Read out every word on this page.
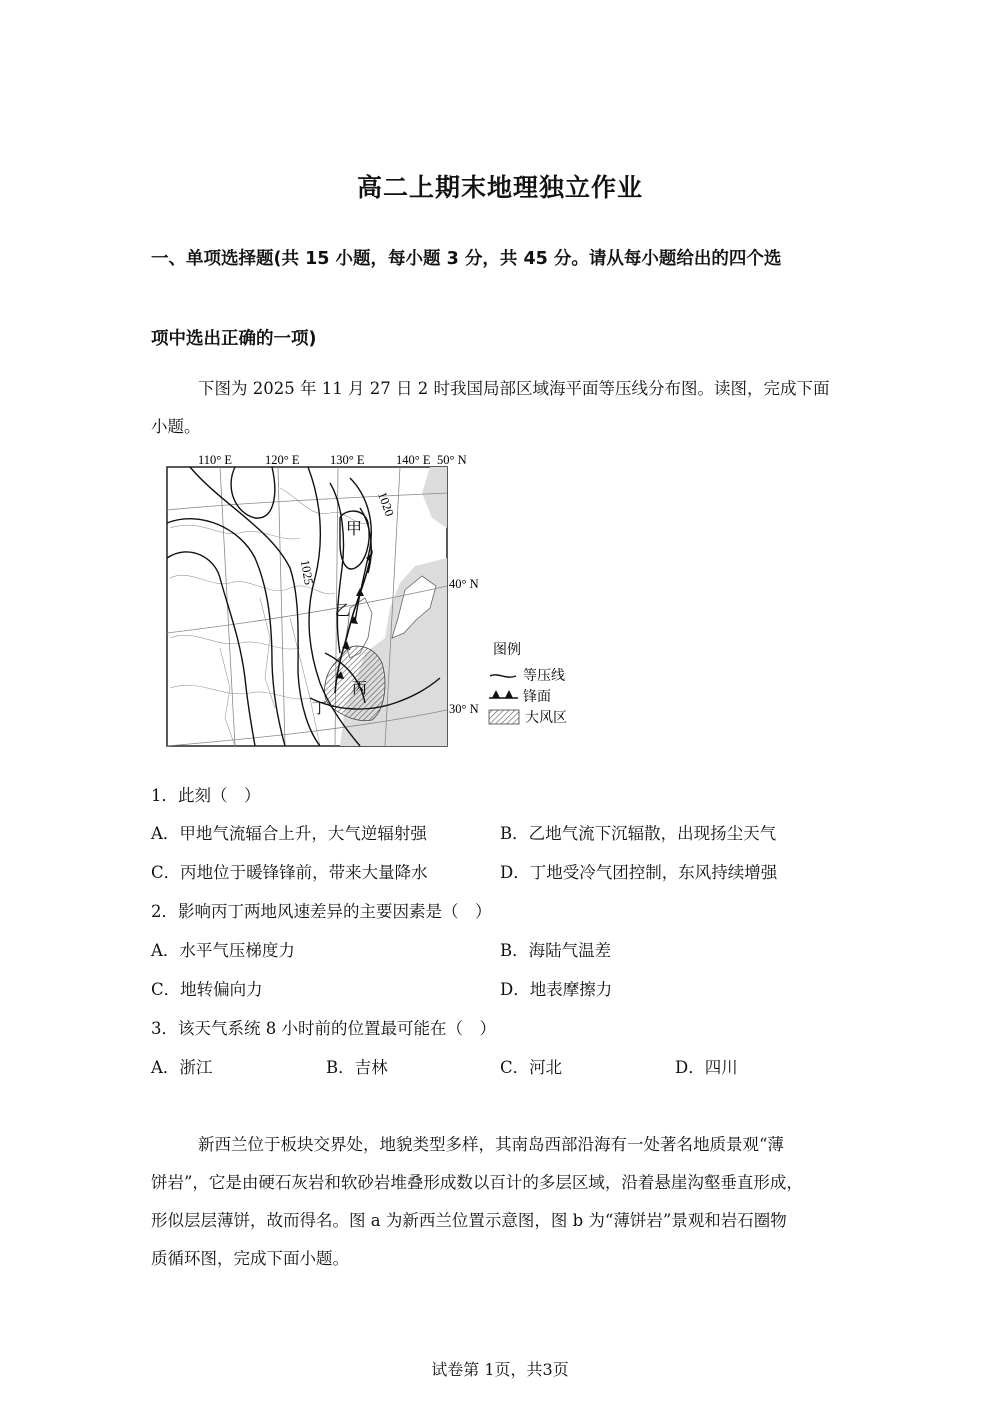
高二上期末地理独立作业
一、单项选择题(共 15 小题，每小题 3 分，共 45 分。请从每小题给出的四个选
项中选出正确的一项)
下图为 2025 年 11 月 27 日 2 时我国局部区域海平面等压线分布图。读图，完成下面
小题。
110° E	120° E 130° E	140° E 50° N
40° N
30° N
1020
1025
甲
乙
丙
丁
图例
等压线
锋面
大风区
1．此刻（　）
A．甲地气流辐合上升，大气逆辐射强	B．乙地气流下沉辐散，出现扬尘天气
C．丙地位于暖锋锋前，带来大量降水	D．丁地受冷气团控制，东风持续增强
2．影响丙丁两地风速差异的主要因素是（　）
A．水平气压梯度力	B．海陆气温差
C．地转偏向力	D．地表摩擦力
3．该天气系统 8 小时前的位置最可能在（　）
A．浙江	B．吉林	C．河北	D．四川
新西兰位于板块交界处，地貌类型多样，其南岛西部沿海有一处著名地质景观“薄
饼岩”，它是由硬石灰岩和软砂岩堆叠形成数以百计的多层区域，沿着悬崖沟壑垂直形成，
形似层层薄饼，故而得名。图 a 为新西兰位置示意图，图 b 为“薄饼岩”景观和岩石圈物
质循环图，完成下面小题。
试卷第 1页，共3页
